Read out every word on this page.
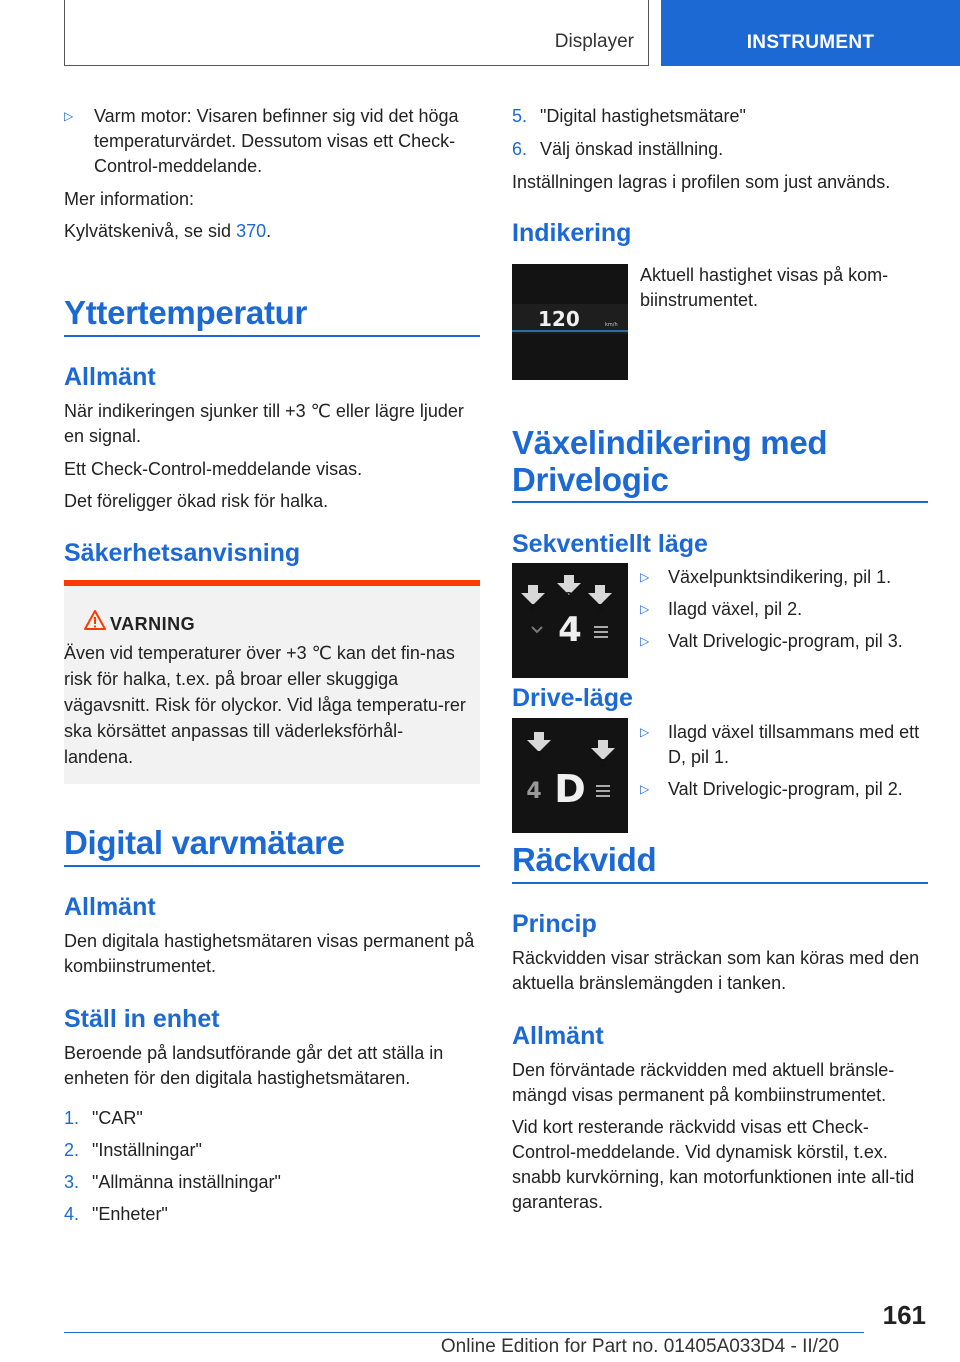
Displayer	INSTRUMENT
▷ Varm motor: Visaren befinner sig vid det höga temperaturvärdet. Dessutom visas ett Check-Control-meddelande.
Mer information:
Kylvätskenivå, se sid 370.
Yttertemperatur
Allmänt
När indikeringen sjunker till +3 ℃ eller lägre ljuder en signal.
Ett Check-Control-meddelande visas.
Det föreligger ökad risk för halka.
Säkerhetsanvisning
VARNING
Även vid temperaturer över +3 ℃ kan det fin-nas risk för halka, t.ex. på broar eller skuggiga vägavsnitt. Risk för olyckor. Vid låga temperatu-rer ska körsättet anpassas till väderleksförhål-landena.
Digital varvmätare
Allmänt
Den digitala hastighetsmätaren visas permanent på kombiinstrumentet.
Ställ in enhet
Beroende på landsutförande går det att ställa in enheten för den digitala hastighetsmätaren.
1. "CAR"
2. "Inställningar"
3. "Allmänna inställningar"
4. "Enheter"
5. "Digital hastighetsmätare"
6. Välj önskad inställning.
Inställningen lagras i profilen som just används.
Indikering
120	km/h
Aktuell hastighet visas på kom-biinstrumentet.
Växelindikering med Drivelogic
Sekventiellt läge
1
2
3
4
▷ Växelpunktsindikering, pil 1.
▷ Ilagd växel, pil 2.
▷ Valt Drivelogic-program, pil 3.
Drive-läge
1
2
4 D
▷ Ilagd växel tillsammans med ett D, pil 1.
▷ Valt Drivelogic-program, pil 2.
Räckvidd
Princip
Räckvidden visar sträckan som kan köras med den aktuella bränslemängden i tanken.
Allmänt
Den förväntade räckvidden med aktuell bränsle-mängd visas permanent på kombiinstrumentet.
Vid kort resterande räckvidd visas ett Check-Control-meddelande. Vid dynamisk körstil, t.ex. snabb kurvkörning, kan motorfunktionen inte all-tid garanteras.
161
Online Edition for Part no. 01405A033D4 - II/20
